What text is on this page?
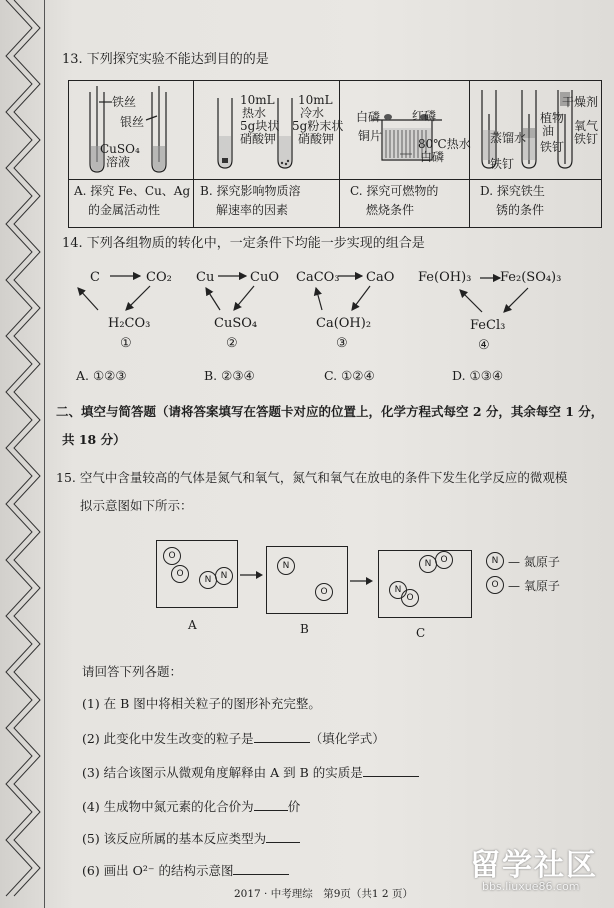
13. 下列探究实验不能达到目的的是
铁丝
银丝
CuSO₄
溶液
10mL
热水
5g块状
硝酸钾
10mL
冷水
5g粉末状
硝酸钾
白磷	红磷
铜片
80℃热水
白磷
蒸馏水
铁钉
植物
油
铁钉
干燥剂
氧气
铁钉
A. 探究 Fe、Cu、Ag
的金属活动性
B. 探究影响物质溶
解速率的因素
C. 探究可燃物的
燃烧条件
D. 探究铁生
锈的条件
14. 下列各组物质的转化中，一定条件下均能一步实现的组合是
C	CO₂
H₂CO₃
①
Cu	CuO
CuSO₄
②
CaCO₃ CaO
Ca(OH)₂
③
Fe(OH)₃ Fe₂(SO₄)₃
FeCl₃
④
A. ①②③	B. ②③④	C. ①②④	D. ①③④
二、填空与简答题（请将答案填写在答题卡对应的位置上，化学方程式每空 2 分，其余每空 1 分，
共 18 分）
15. 空气中含量较高的气体是氮气和氧气，氮气和氧气在放电的条件下发生化学反应的微观模
拟示意图如下所示：
O
O
N	N
A
N
O
B
N	O
N
O
C
N — 氮原子
O — 氧原子
请回答下列各题：
(1) 在 B 图中将相关粒子的图形补充完整。
(2) 此变化中发生改变的粒子是	（填化学式）
(3) 结合该图示从微观角度解释由 A 到 B 的实质是
(4) 生成物中氮元素的化合价为	价
(5) 该反应所属的基本反应类型为
(6) 画出 O²⁻ 的结构示意图
2017 · 中考理综　第9页（共1 2 页）
留学社区
bbs.liuxue86.com
